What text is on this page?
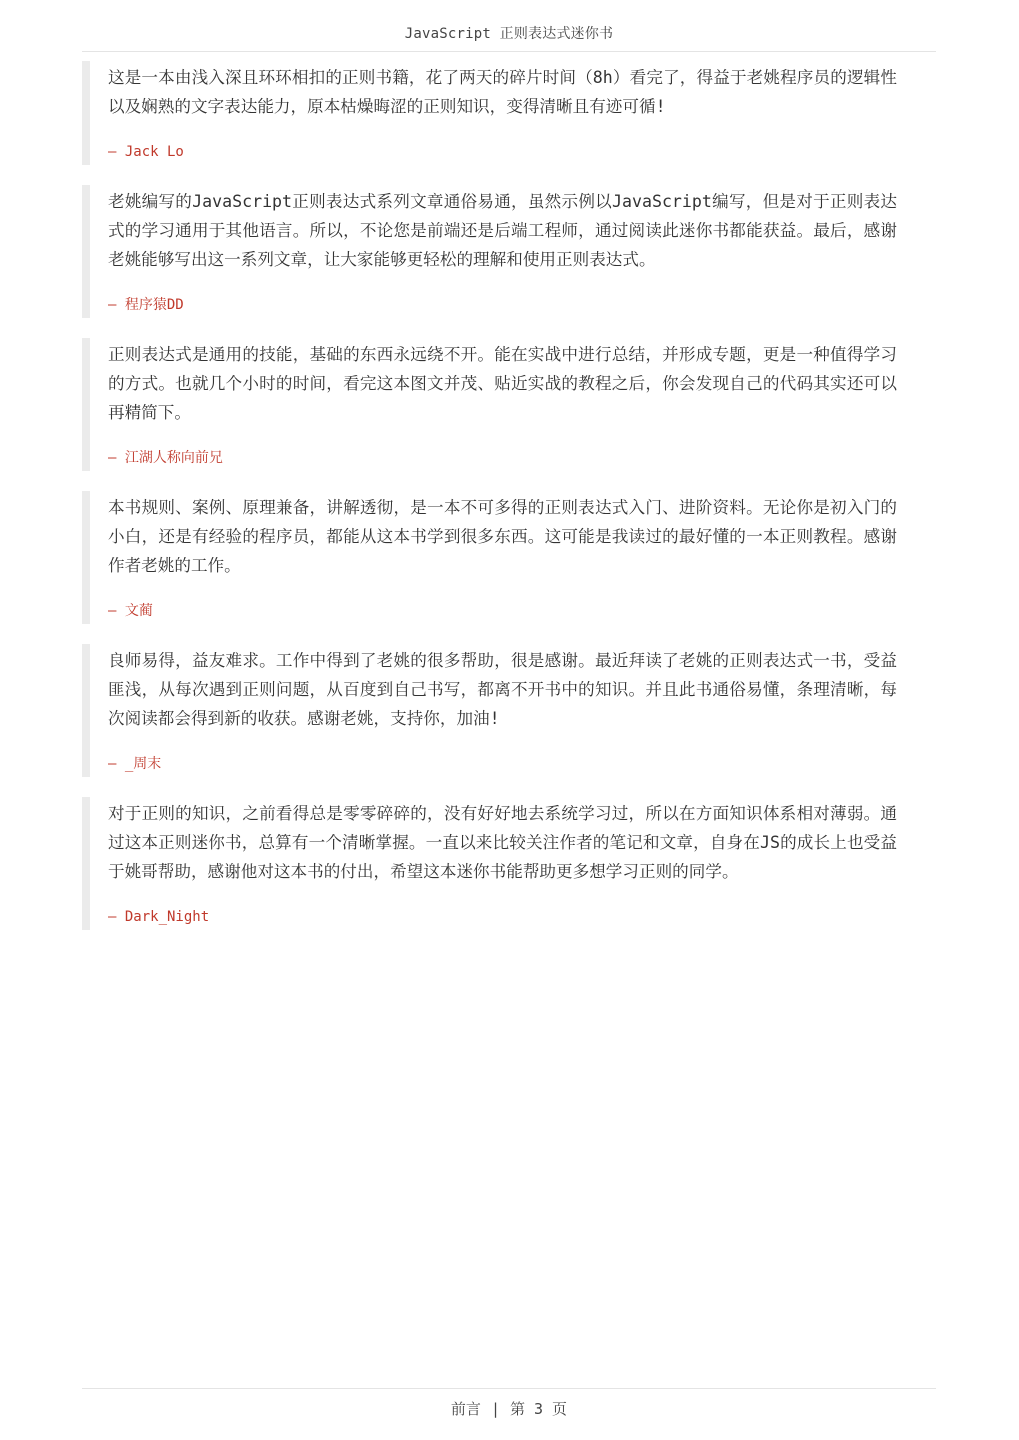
JavaScript 正则表达式迷你书

这是一本由浅入深且环环相扣的正则书籍，花了两天的碎片时间（8h）看完了，得益于老姚程序员的逻辑性以及娴熟的文字表达能力，原本枯燥晦涩的正则知识，变得清晰且有迹可循!

— Jack Lo

老姚编写的JavaScript正则表达式系列文章通俗易通，虽然示例以JavaScript编写，但是对于正则表达式的学习通用于其他语言。所以，不论您是前端还是后端工程师，通过阅读此迷你书都能获益。最后，感谢老姚能够写出这一系列文章，让大家能够更轻松的理解和使用正则表达式。

— 程序猿DD

正则表达式是通用的技能，基础的东西永远绕不开。能在实战中进行总结，并形成专题，更是一种值得学习的方式。也就几个小时的时间，看完这本图文并茂、贴近实战的教程之后，你会发现自己的代码其实还可以再精简下。

— 江湖人称向前兄

本书规则、案例、原理兼备，讲解透彻，是一本不可多得的正则表达式入门、进阶资料。无论你是初入门的小白，还是有经验的程序员，都能从这本书学到很多东西。这可能是我读过的最好懂的一本正则教程。感谢作者老姚的工作。

— 文蔺

良师易得，益友难求。工作中得到了老姚的很多帮助，很是感谢。最近拜读了老姚的正则表达式一书，受益匪浅，从每次遇到正则问题，从百度到自己书写，都离不开书中的知识。并且此书通俗易懂，条理清晰，每次阅读都会得到新的收获。感谢老姚，支持你，加油!

— _周末

对于正则的知识，之前看得总是零零碎碎的，没有好好地去系统学习过，所以在方面知识体系相对薄弱。通过这本正则迷你书，总算有一个清晰掌握。一直以来比较关注作者的笔记和文章，自身在JS的成长上也受益于姚哥帮助，感谢他对这本书的付出，希望这本迷你书能帮助更多想学习正则的同学。

— Dark_Night
前言 | 第 3 页
